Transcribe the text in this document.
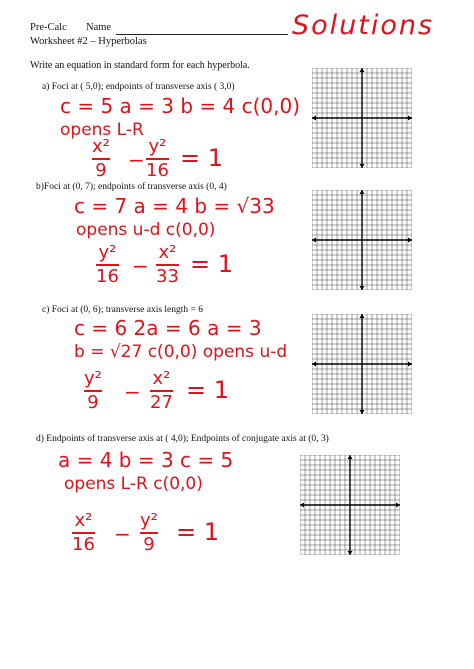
Pre-Calc Name
Worksheet #2 – Hyperbolas
Solutions
Write an equation in standard form for each hyperbola.
a) Foci at ( 5,0); endpoints of transverse axis ( 3,0)
c = 5 a = 3 b = 4 c(0,0)
opens L-R
x²
9 −
y²
16 = 1
b)Foci at (0, 7); endpoints of transverse axis (0, 4)
c = 7 a = 4 b = √33
opens u-d c(0,0)
y²
16 −
x²
33 = 1
c) Foci at (0, 6); transverse axis length = 6
c = 6 2a = 6 a = 3
b = √27 c(0,0) opens u-d
y²
9 −
x²
27 = 1
d) Endpoints of transverse axis at ( 4,0); Endpoints of conjugate axis at (0, 3)
a = 4 b = 3 c = 5
opens L-R c(0,0)
x²
16 −
y²
9 = 1
